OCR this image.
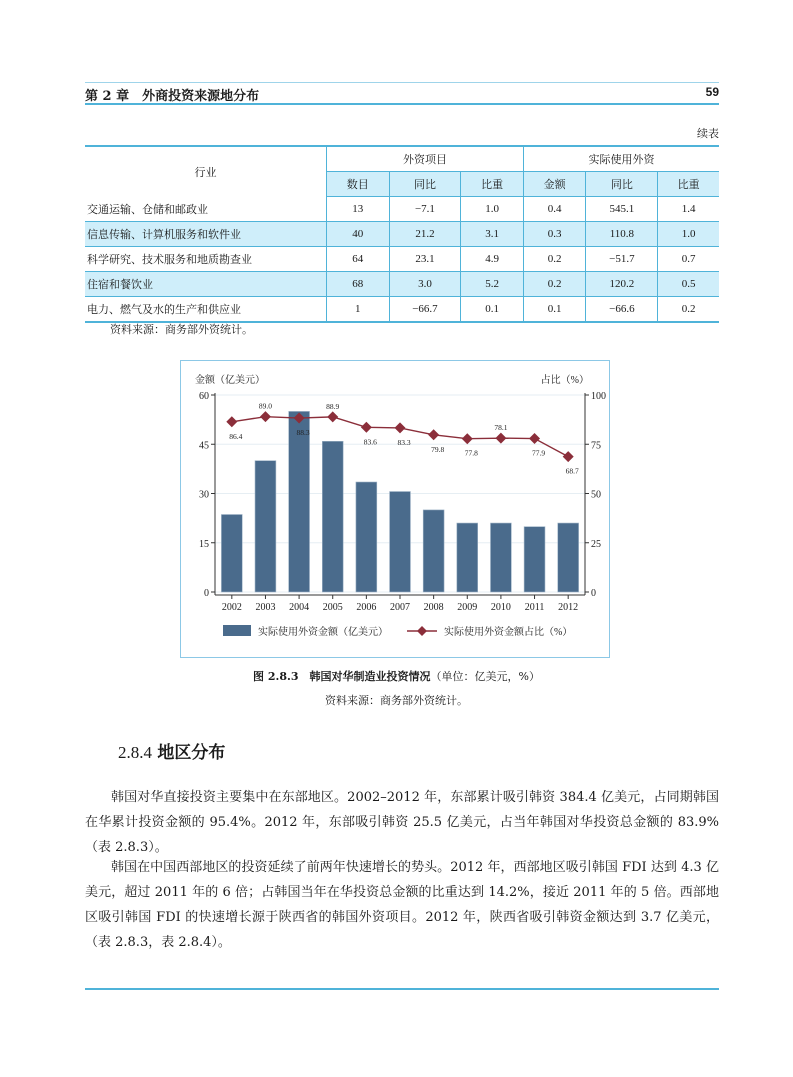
第 2 章　外商投资来源地分布	59
续表
行业	外资项目			实际使用外资		
	数目	同比	比重	金额	同比	比重
交通运输、仓储和邮政业	13	−7.1	1.0	0.4	545.1	1.4
信息传输、计算机服务和软件业	40	21.2	3.1	0.3	110.8	1.0
科学研究、技术服务和地质勘查业	64	23.1	4.9	0.2	−51.7	0.7
住宿和餐饮业	68	3.0	5.2	0.2	120.2	0.5
电力、燃气及水的生产和供应业	1	−66.7	0.1	0.1	−66.6	0.2
资料来源：商务部外资统计。
金额（亿美元）	占比（%）
0
15
30
45
60
0
25
50
75
100
2002 2003 2004 2005 2006 2007 2008 2009 2010 2011 2012
86.4
89.0
88.3
88.9
83.6	83.3
79.8	77.8
78.1
77.9
68.7
实际使用外资金额（亿美元）	实际使用外资金额占比（%）
图 2.8.3　 韩国对华制造业投资情况（单位：亿美元，%）
资料来源：商务部外资统计。
2.8.4 地区分布
韩国对华直接投资主要集中在东部地区。2002–2012 年，东部累计吸引韩资 384.4 亿美元，占同期韩国在华累计投资金额的 95.4%。2012 年，东部吸引韩资 25.5 亿美元，占当年韩国对华投资总金额的 83.9%（表 2.8.3）。
韩国在中国西部地区的投资延续了前两年快速增长的势头。2012 年，西部地区吸引韩国 FDI 达到 4.3 亿美元，超过 2011 年的 6 倍；占韩国当年在华投资总金额的比重达到 14.2%，接近 2011 年的 5 倍。西部地区吸引韩国 FDI 的快速增长源于陕西省的韩国外资项目。2012 年，陕西省吸引韩资金额达到 3.7 亿美元，（表 2.8.3，表 2.8.4）。
